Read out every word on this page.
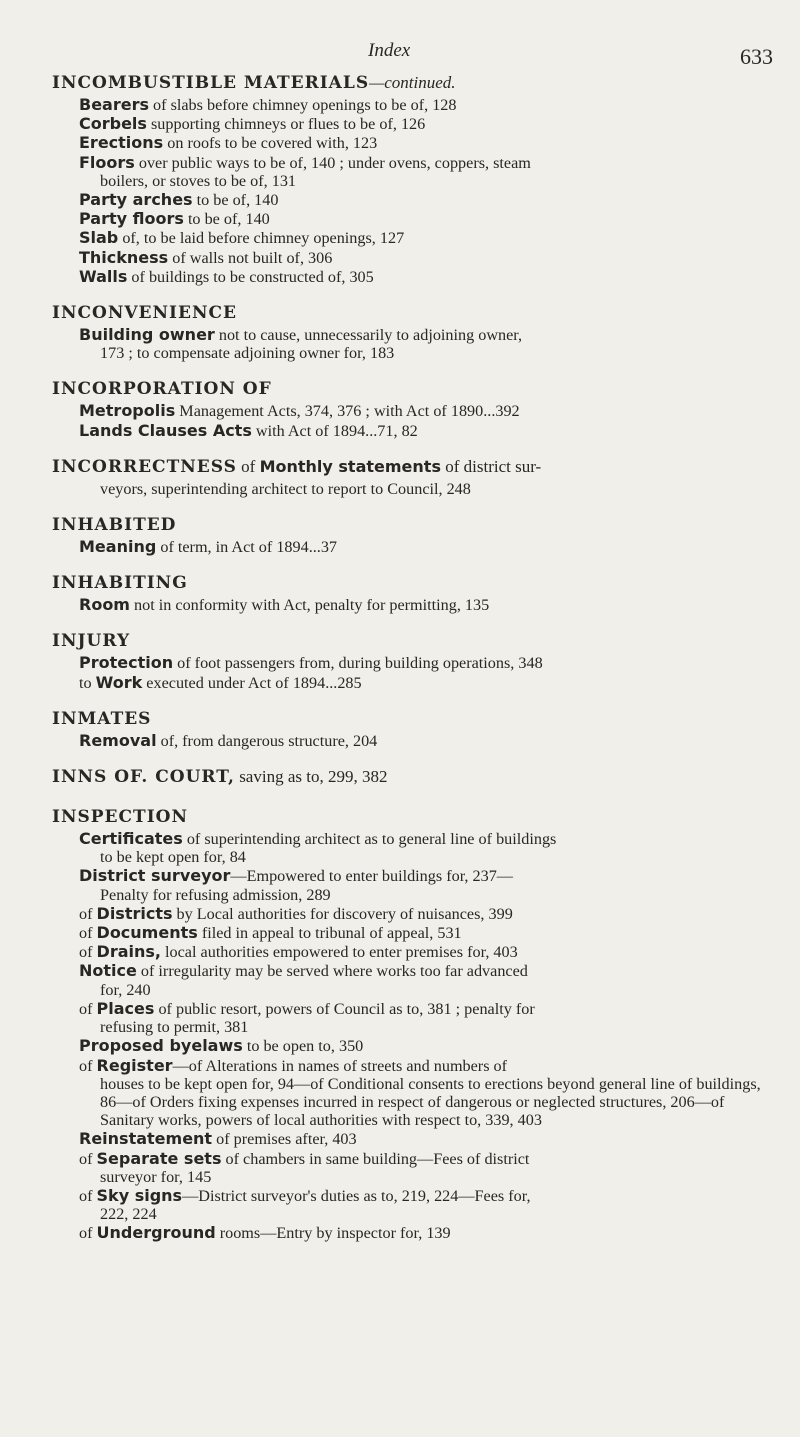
Index	633
INCOMBUSTIBLE MATERIALS—continued.
Bearers of slabs before chimney openings to be of, 128
Corbels supporting chimneys or flues to be of, 126
Erections on roofs to be covered with, 123
Floors over public ways to be of, 140 ; under ovens, coppers, steam
boilers, or stoves to be of, 131
Party arches to be of, 140
Party floors to be of, 140
Slab of, to be laid before chimney openings, 127
Thickness of walls not built of, 306
Walls of buildings to be constructed of, 305
INCONVENIENCE
Building owner not to cause, unnecessarily to adjoining owner,
173 ; to compensate adjoining owner for, 183
INCORPORATION OF
Metropolis Management Acts, 374, 376 ; with Act of 1890...392
Lands Clauses Acts with Act of 1894...71, 82
INCORRECTNESS of Monthly statements of district sur-
veyors, superintending architect to report to Council, 248
INHABITED
Meaning of term, in Act of 1894...37
INHABITING
Room not in conformity with Act, penalty for permitting, 135
INJURY
Protection of foot passengers from, during building operations, 348
to Work executed under Act of 1894...285
INMATES
Removal of, from dangerous structure, 204
INNS OF. COURT, saving as to, 299, 382
INSPECTION
Certificates of superintending architect as to general line of buildings
to be kept open for, 84
District surveyor—Empowered to enter buildings for, 237—
Penalty for refusing admission, 289
of Districts by Local authorities for discovery of nuisances, 399
of Documents filed in appeal to tribunal of appeal, 531
of Drains, local authorities empowered to enter premises for, 403
Notice of irregularity may be served where works too far advanced
for, 240
of Places of public resort, powers of Council as to, 381 ; penalty for
refusing to permit, 381
Proposed byelaws to be open to, 350
of Register—of Alterations in names of streets and numbers of
houses to be kept open for, 94—of Conditional consents to erections beyond general line of buildings, 86—of Orders fixing expenses incurred in respect of dangerous or neglected structures, 206—of Sanitary works, powers of local authorities with respect to, 339, 403
Reinstatement of premises after, 403
of Separate sets of chambers in same building—Fees of district
surveyor for, 145
of Sky signs—District surveyor's duties as to, 219, 224—Fees for,
222, 224
of Underground rooms—Entry by inspector for, 139
